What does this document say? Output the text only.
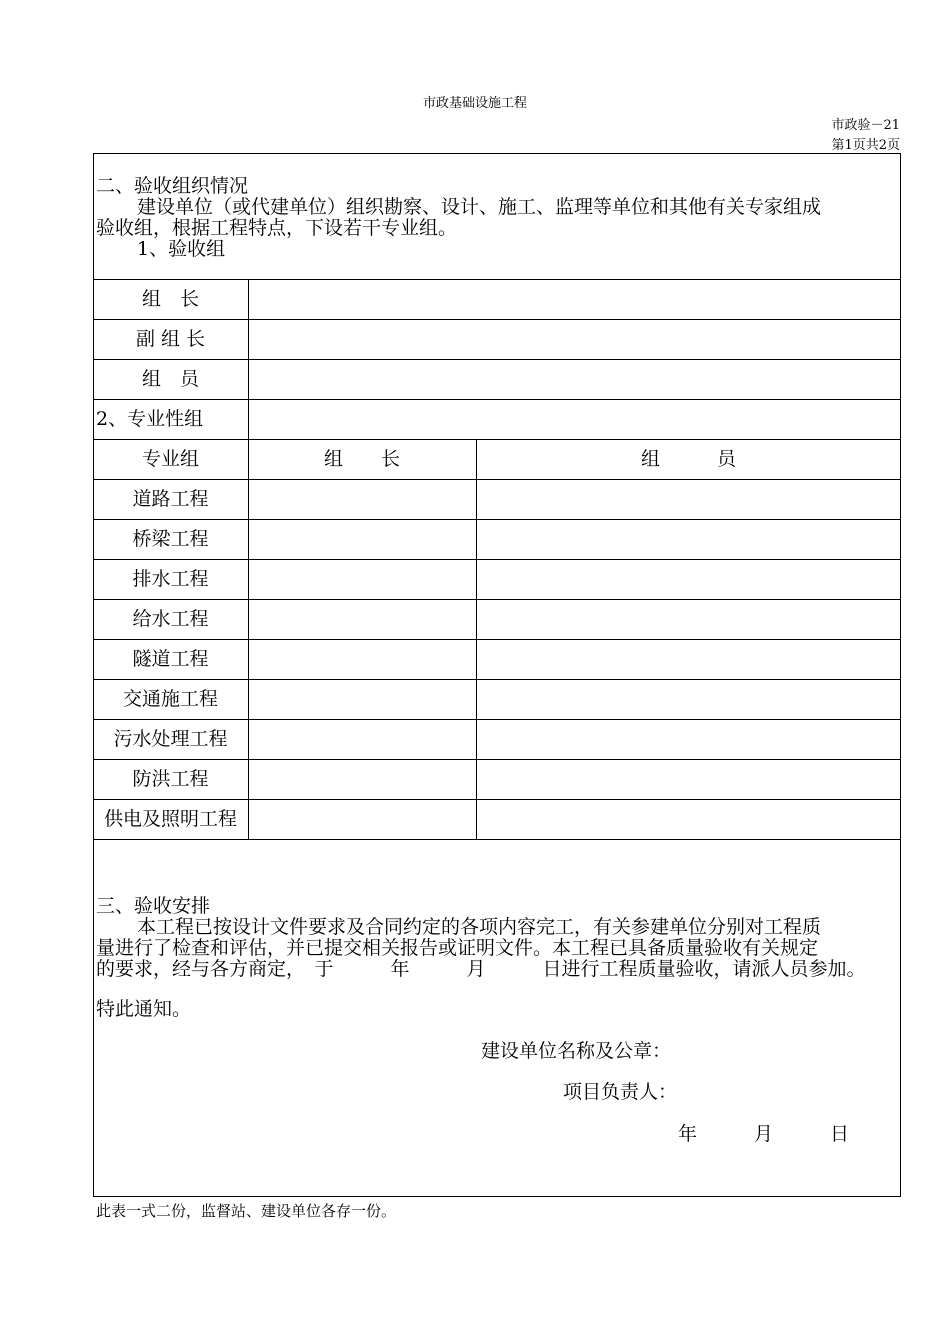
市政基础设施工程
市政验－21
第1页共2页
二、验收组织情况
建设单位（或代建单位）组织勘察、设计、施工、监理等单位和其他有关专家组成
验收组，根据工程特点，下设若干专业组。
1、验收组
组　长
副 组 长
组　员
2、专业性组
专业组	组　　长	组　　　员
道路工程
桥梁工程
排水工程
给水工程
隧道工程
交通施工程
污水处理工程
防洪工程
供电及照明工程
三、验收安排
本工程已按设计文件要求及合同约定的各项内容完工，有关参建单位分别对工程质
量进行了检查和评估，并已提交相关报告或证明文件。本工程已具备质量验收有关规定
的要求，经与各方商定，　于　　　年　　　月　　　日进行工程质量验收，请派人员参加。
特此通知。
建设单位名称及公章：
项目负责人：
年　　　月　　　日
此表一式二份，监督站、建设单位各存一份。
